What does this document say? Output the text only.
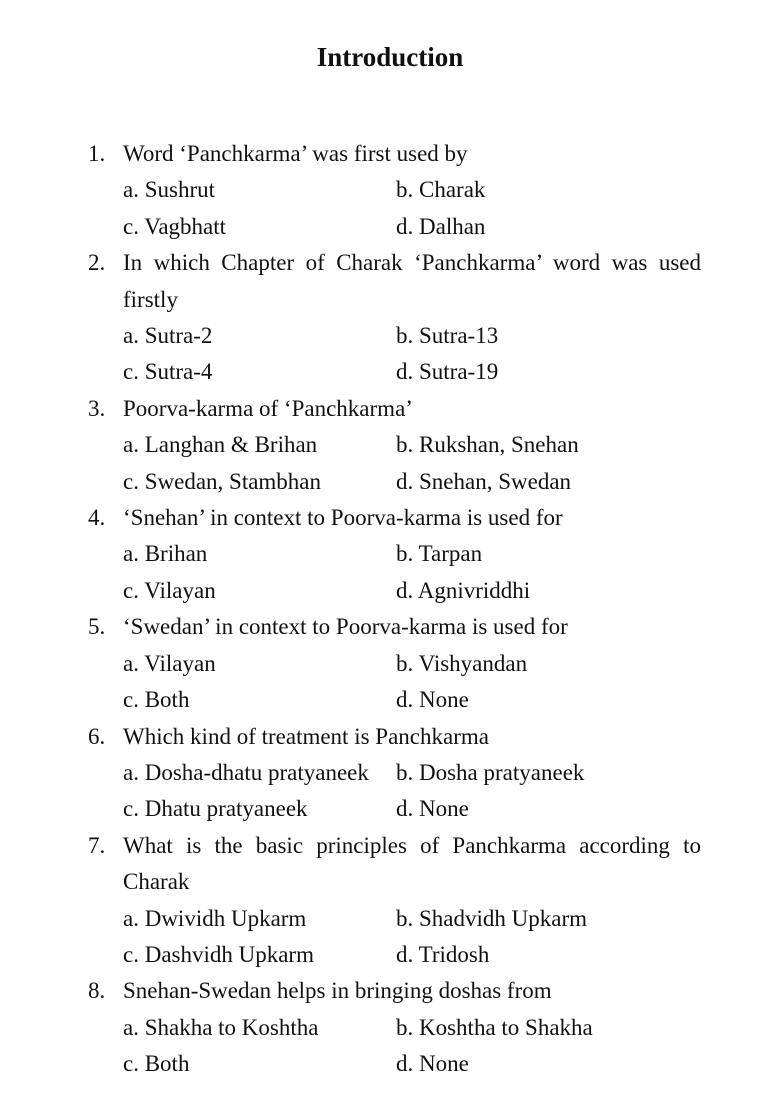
Introduction
1. Word ‘Panchkarma’ was first used by
a. Sushrut	b. Charak
c. Vagbhatt	d. Dalhan
2. In which Chapter of Charak ‘Panchkarma’ word was used firstly
a. Sutra-2	b. Sutra-13
c. Sutra-4	d. Sutra-19
3. Poorva-karma of ‘Panchkarma’
a. Langhan & Brihan	b. Rukshan, Snehan
c. Swedan, Stambhan	d. Snehan, Swedan
4. ‘Snehan’ in context to Poorva-karma is used for
a. Brihan	b. Tarpan
c. Vilayan	d. Agnivriddhi
5. ‘Swedan’ in context to Poorva-karma is used for
a. Vilayan	b. Vishyandan
c. Both	d. None
6. Which kind of treatment is Panchkarma
a. Dosha-dhatu pratyaneek	b. Dosha pratyaneek
c. Dhatu pratyaneek	d. None
7. What is the basic principles of Panchkarma according to Charak
a. Dwividh Upkarm	b. Shadvidh Upkarm
c. Dashvidh Upkarm	d. Tridosh
8. Snehan-Swedan helps in bringing doshas from
a. Shakha to Koshtha	b. Koshtha to Shakha
c. Both	d. None
